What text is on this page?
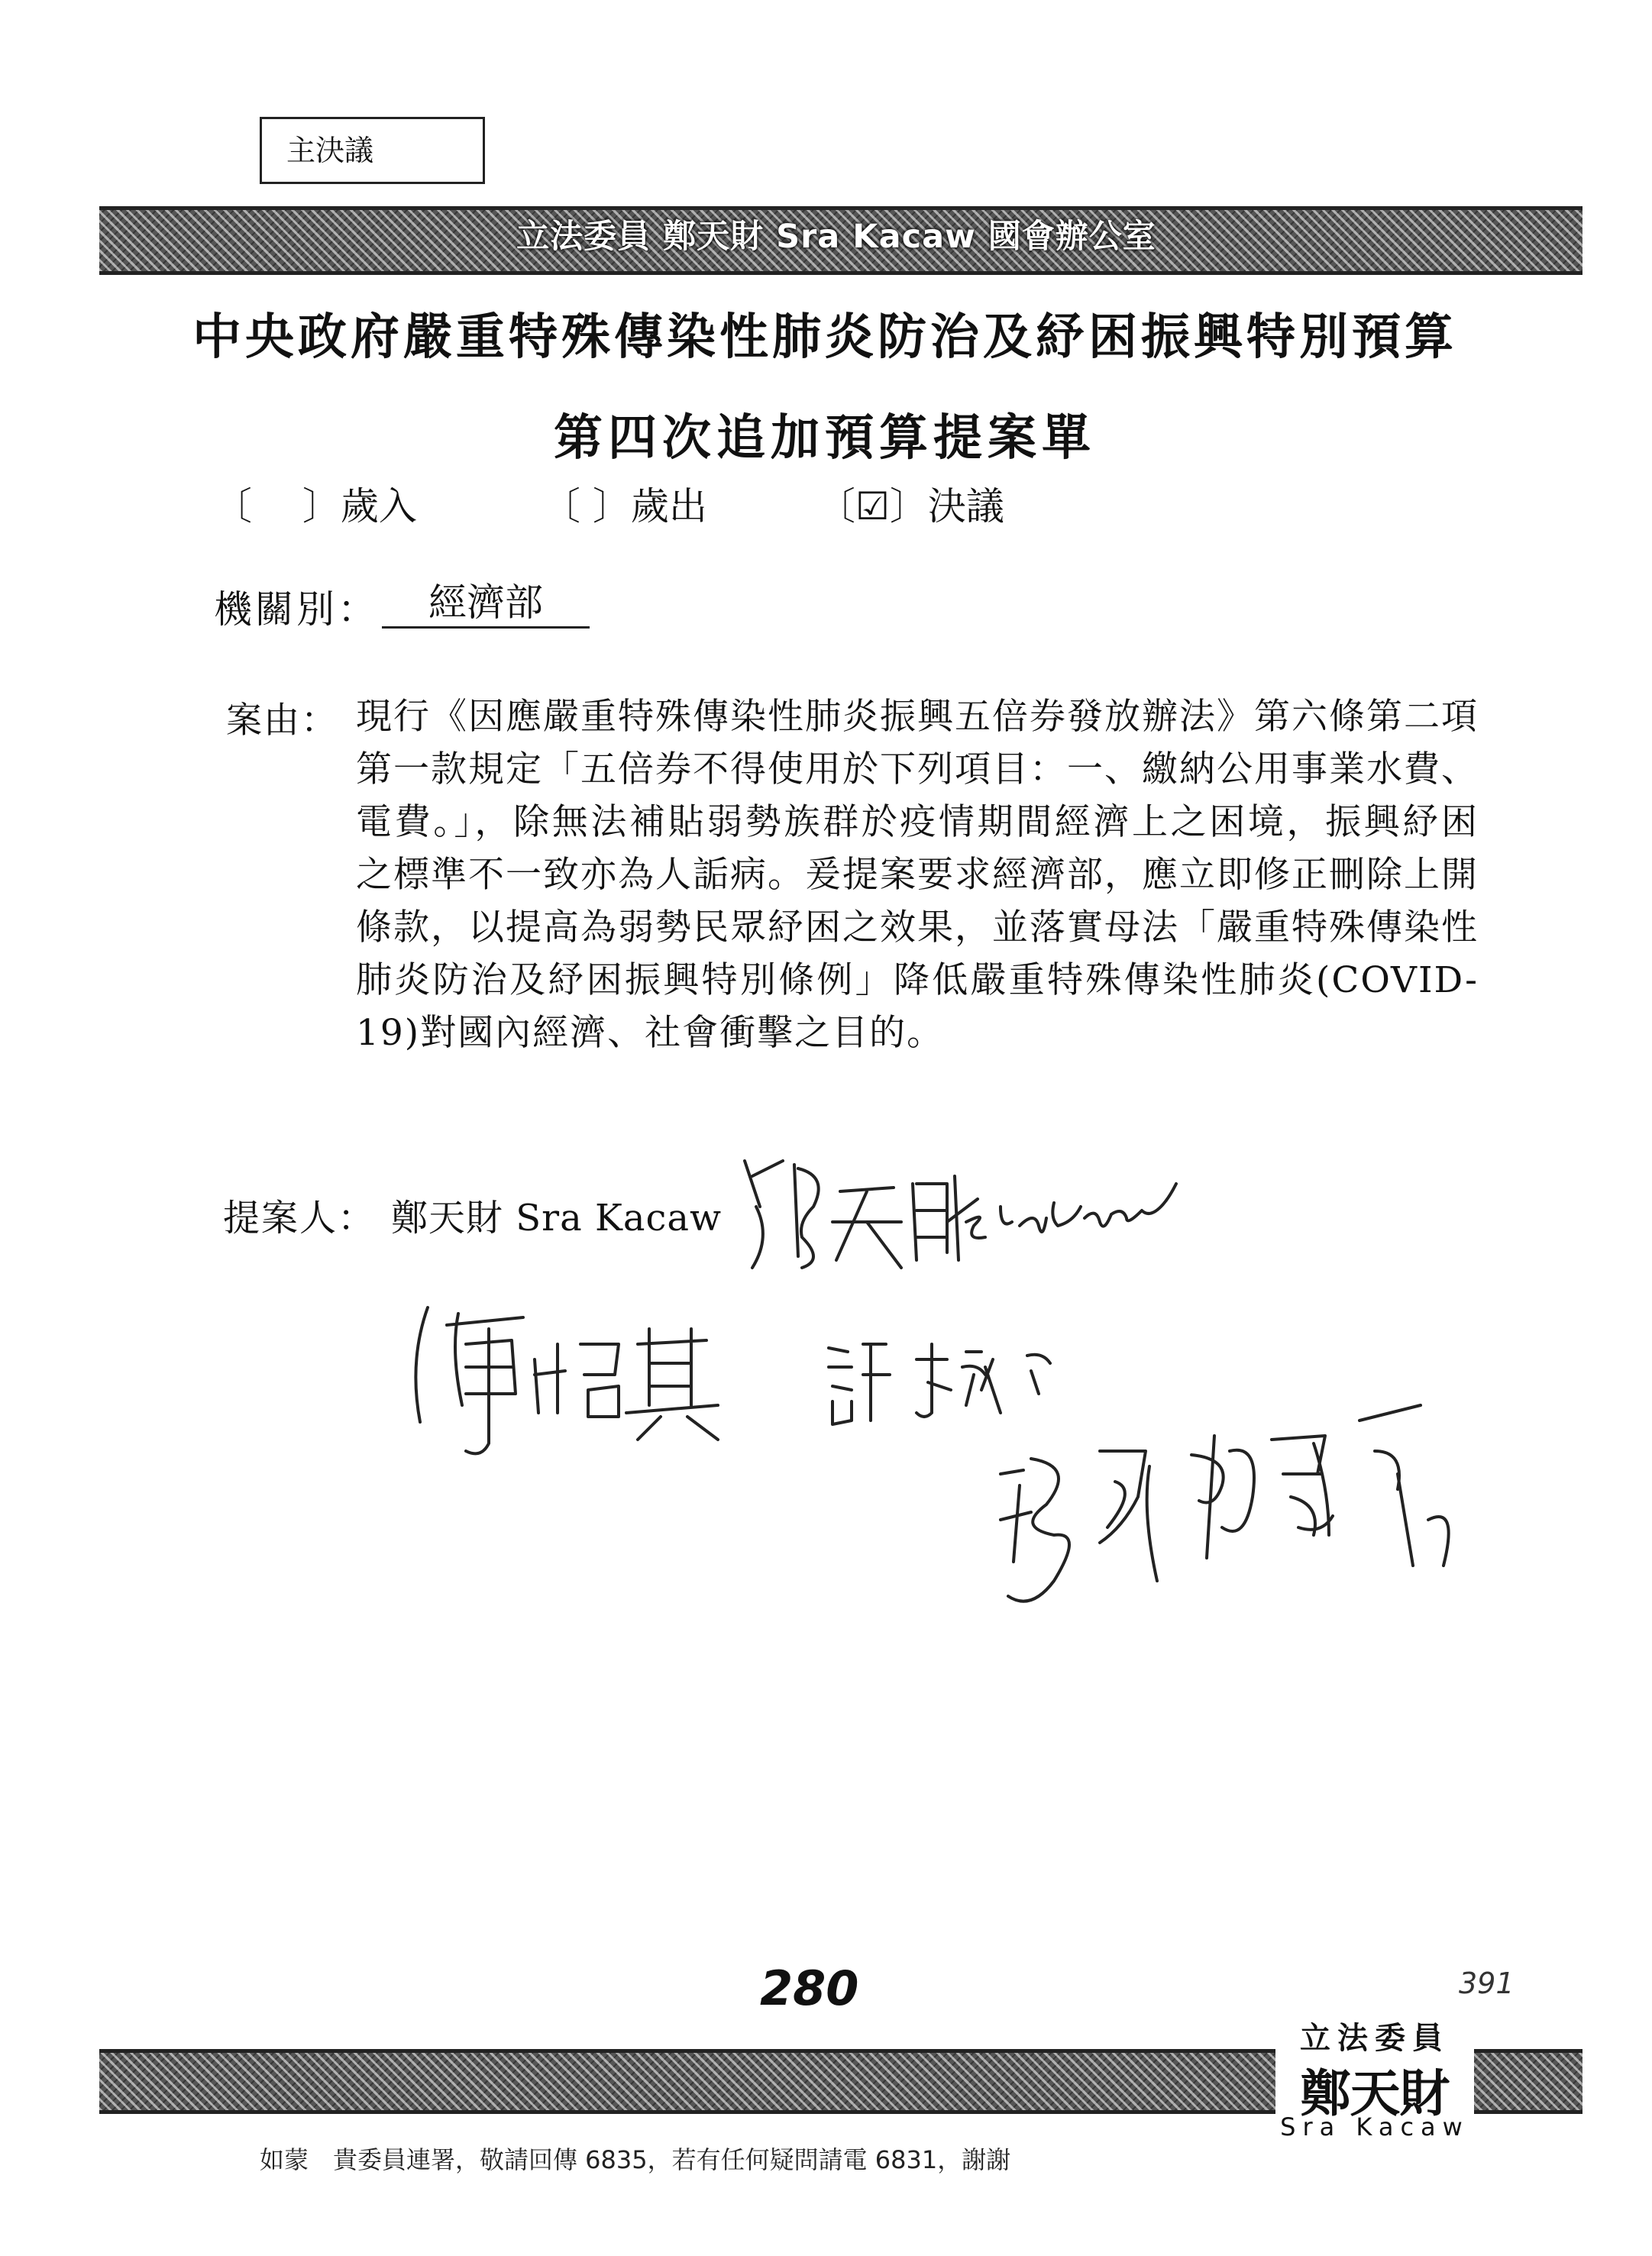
主決議
立法委員 鄭天財 Sra Kacaw 國會辦公室
中央政府嚴重特殊傳染性肺炎防治及紓困振興特別預算
第四次追加預算提案單
〔　 〕歲入	〔 〕歲出	〔☑〕決議
機關別：	經濟部
案由： 現行《因應嚴重特殊傳染性肺炎振興五倍券發放辦法》第六條第二項第一款規定「五倍券不得使用於下列項目：一、繳納公用事業水費、電費。」，除無法補貼弱勢族群於疫情期間經濟上之困境，振興紓困之標準不一致亦為人詬病。爰提案要求經濟部，應立即修正刪除上開條款，以提高為弱勢民眾紓困之效果，並落實母法「嚴重特殊傳染性肺炎防治及紓困振興特別條例」降低嚴重特殊傳染性肺炎(COVID-19)對國內經濟、社會衝擊之目的。
提案人： 鄭天財 Sra Kacaw
280	391
立法委員
鄭天財
Sra Kacaw
如蒙　貴委員連署，敬請回傳 6835，若有任何疑問請電 6831，謝謝
